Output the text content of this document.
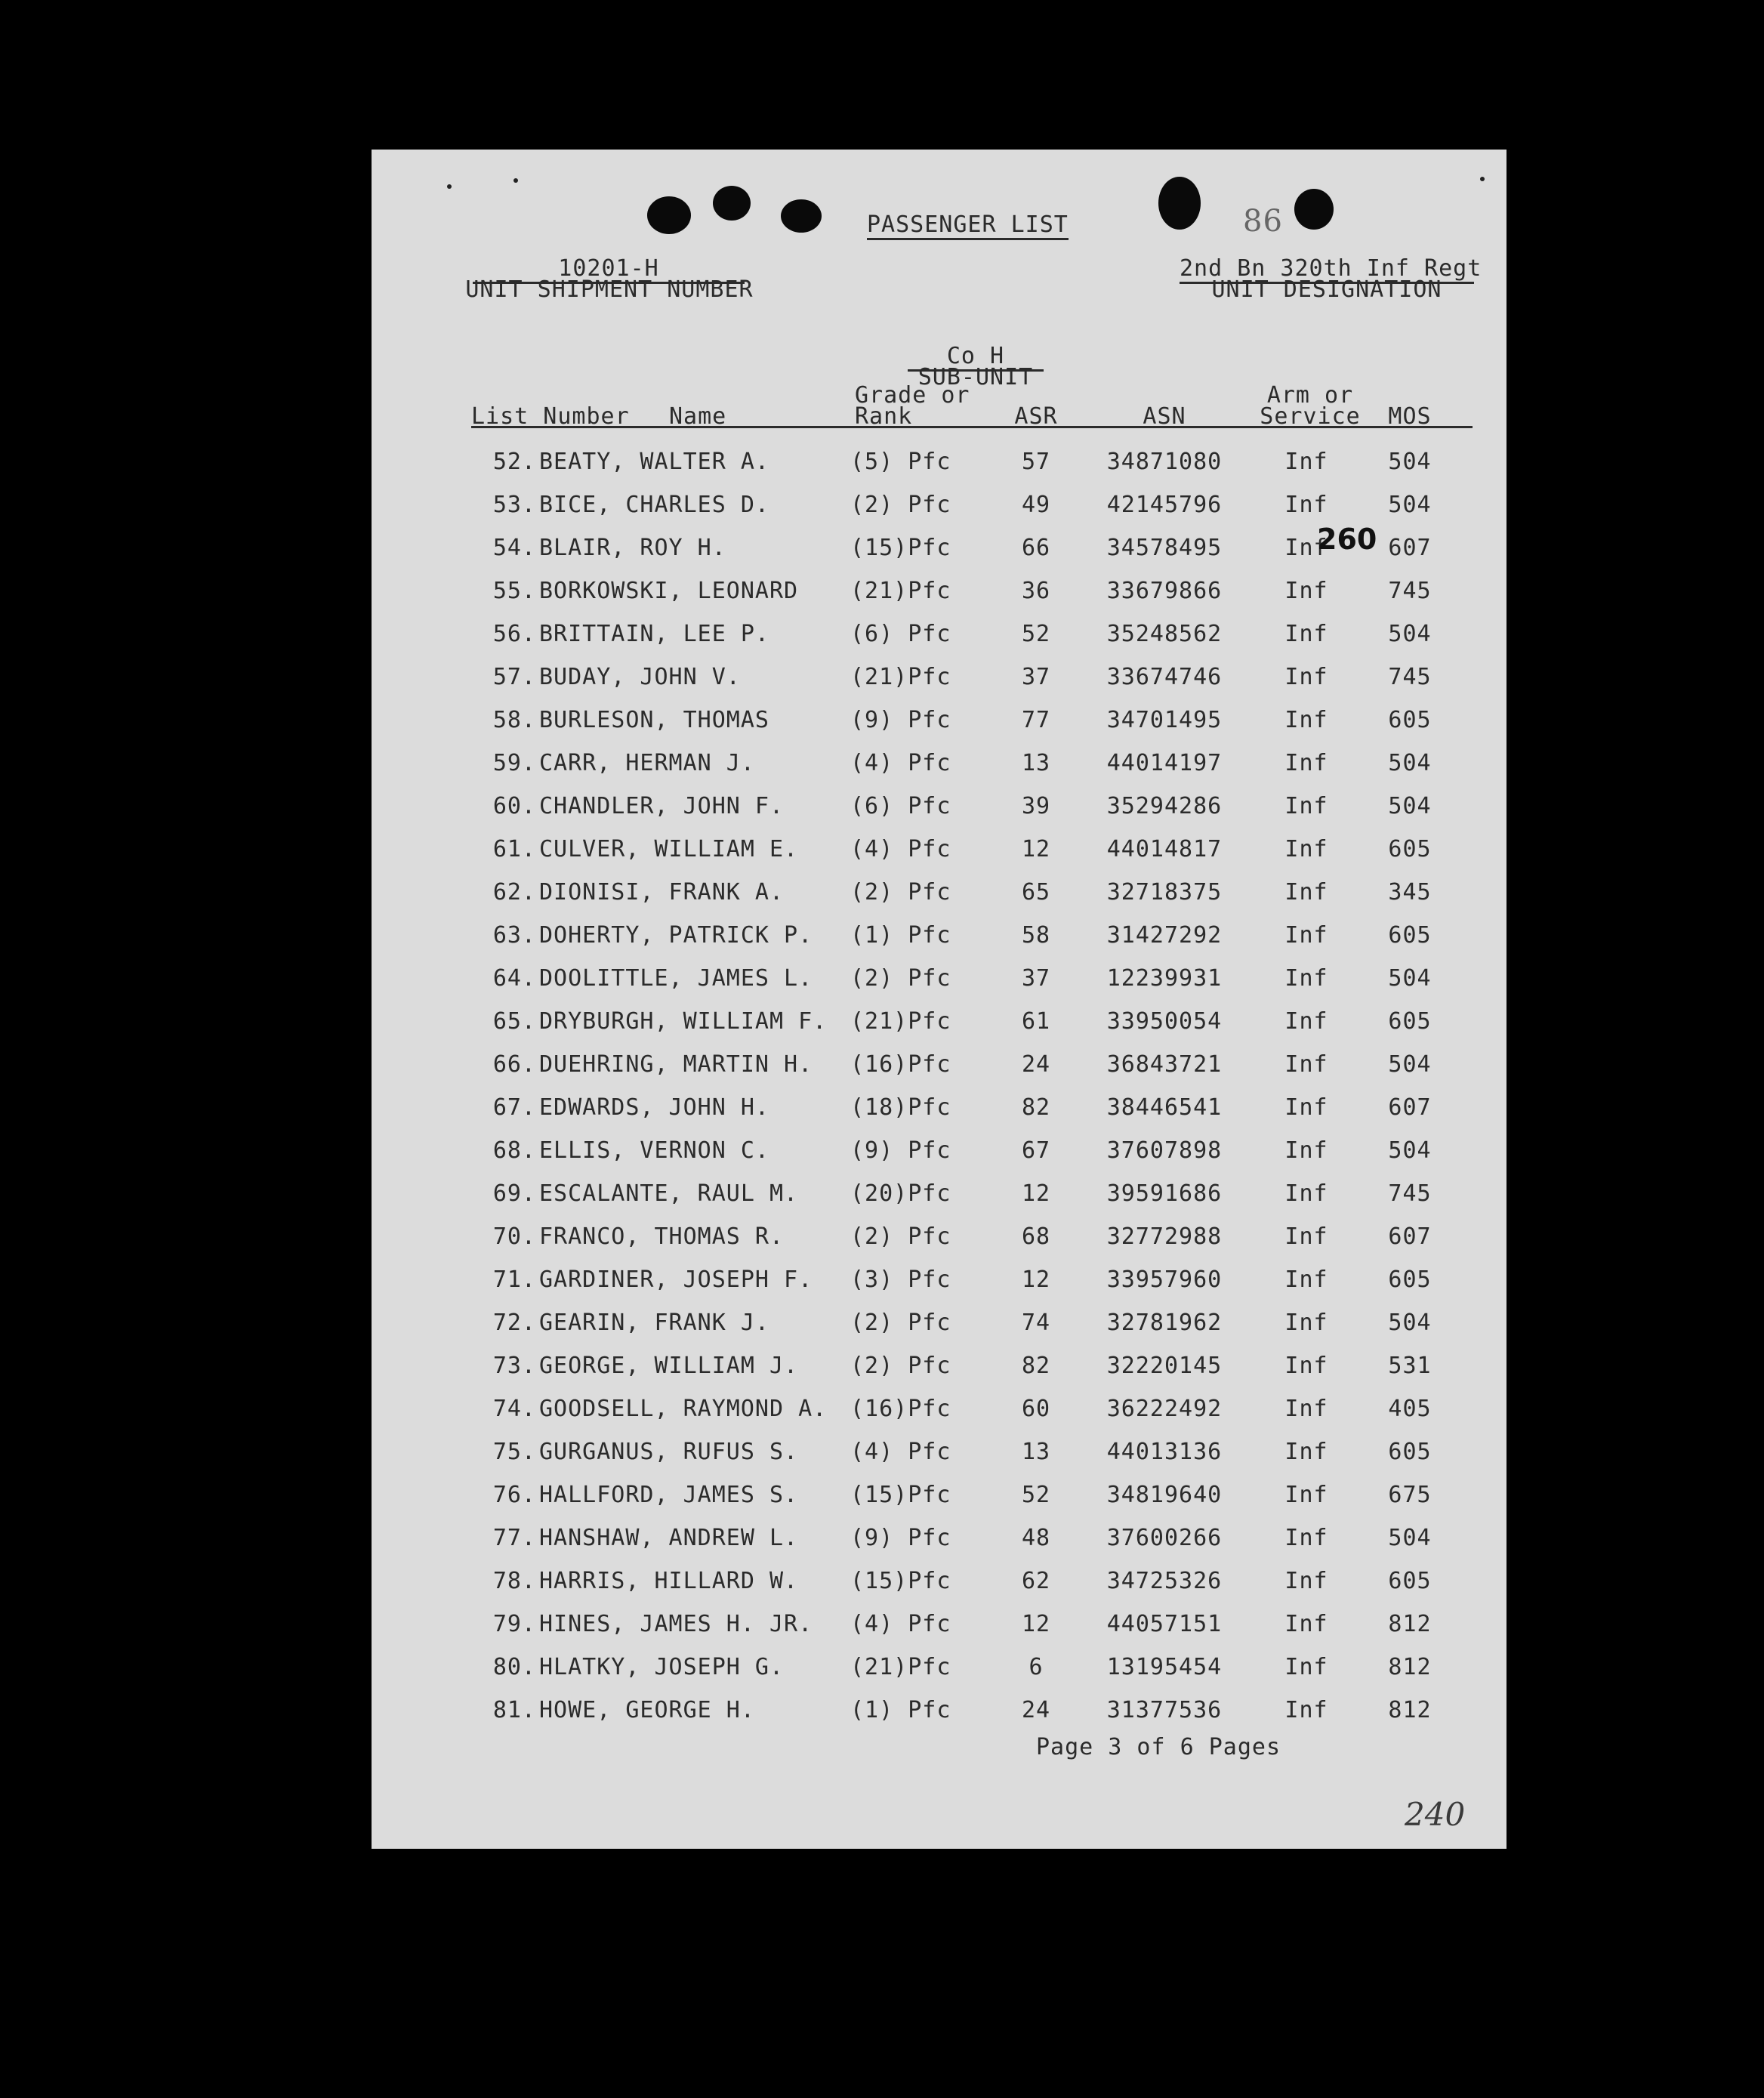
PASSENGER LIST	86
10201-H
UNIT SHIPMENT NUMBER
2nd Bn 320th Inf Regt
UNIT DESIGNATION
Co H
SUB-UNIT
List Number Name
Grade or
Rank	ASR	ASN
Arm or
Service	MOS
52. BEATY, WALTER A.	(5) Pfc	57	34871080	Inf	504
53. BICE, CHARLES D.	(2) Pfc	49	42145796	Inf	504
54. BLAIR, ROY H.	(15)Pfc	66	34578495	Inf	607
55. BORKOWSKI, LEONARD (21)Pfc	36	33679866	Inf	745
56. BRITTAIN, LEE P.	(6) Pfc	52	35248562	Inf	504
57. BUDAY, JOHN V.	(21)Pfc	37	33674746	Inf	745
58. BURLESON, THOMAS	(9) Pfc	77	34701495	Inf	605
59. CARR, HERMAN J.	(4) Pfc	13	44014197	Inf	504
60. CHANDLER, JOHN F.	(6) Pfc	39	35294286	Inf	504
61. CULVER, WILLIAM E. (4) Pfc	12	44014817	Inf	605
62. DIONISI, FRANK A.	(2) Pfc	65	32718375	Inf	345
63. DOHERTY, PATRICK P. (1) Pfc	58	31427292	Inf	605
64. DOOLITTLE, JAMES L. (2) Pfc	37	12239931	Inf	504
65. DRYBURGH, WILLIAM F. (21)Pfc	61	33950054	Inf	605
66. DUEHRING, MARTIN H. (16)Pfc	24	36843721	Inf	504
67. EDWARDS, JOHN H.	(18)Pfc	82	38446541	Inf	607
68. ELLIS, VERNON C.	(9) Pfc	67	37607898	Inf	504
69. ESCALANTE, RAUL M. (20)Pfc	12	39591686	Inf	745
70. FRANCO, THOMAS R.	(2) Pfc	68	32772988	Inf	607
71. GARDINER, JOSEPH F. (3) Pfc	12	33957960	Inf	605
72. GEARIN, FRANK J.	(2) Pfc	74	32781962	Inf	504
73. GEORGE, WILLIAM J. (2) Pfc	82	32220145	Inf	531
74. GOODSELL, RAYMOND A. (16)Pfc	60	36222492	Inf	405
75. GURGANUS, RUFUS S. (4) Pfc	13	44013136	Inf	605
76. HALLFORD, JAMES S. (15)Pfc	52	34819640	Inf	675
77. HANSHAW, ANDREW L. (9) Pfc	48	37600266	Inf	504
78. HARRIS, HILLARD W. (15)Pfc	62	34725326	Inf	605
79. HINES, JAMES H. JR. (4) Pfc	12	44057151	Inf	812
80. HLATKY, JOSEPH G.	(21)Pfc	6	13195454	Inf	812
81. HOWE, GEORGE H.	(1) Pfc	24	31377536	Inf	812
260
Page 3 of 6 Pages
240
